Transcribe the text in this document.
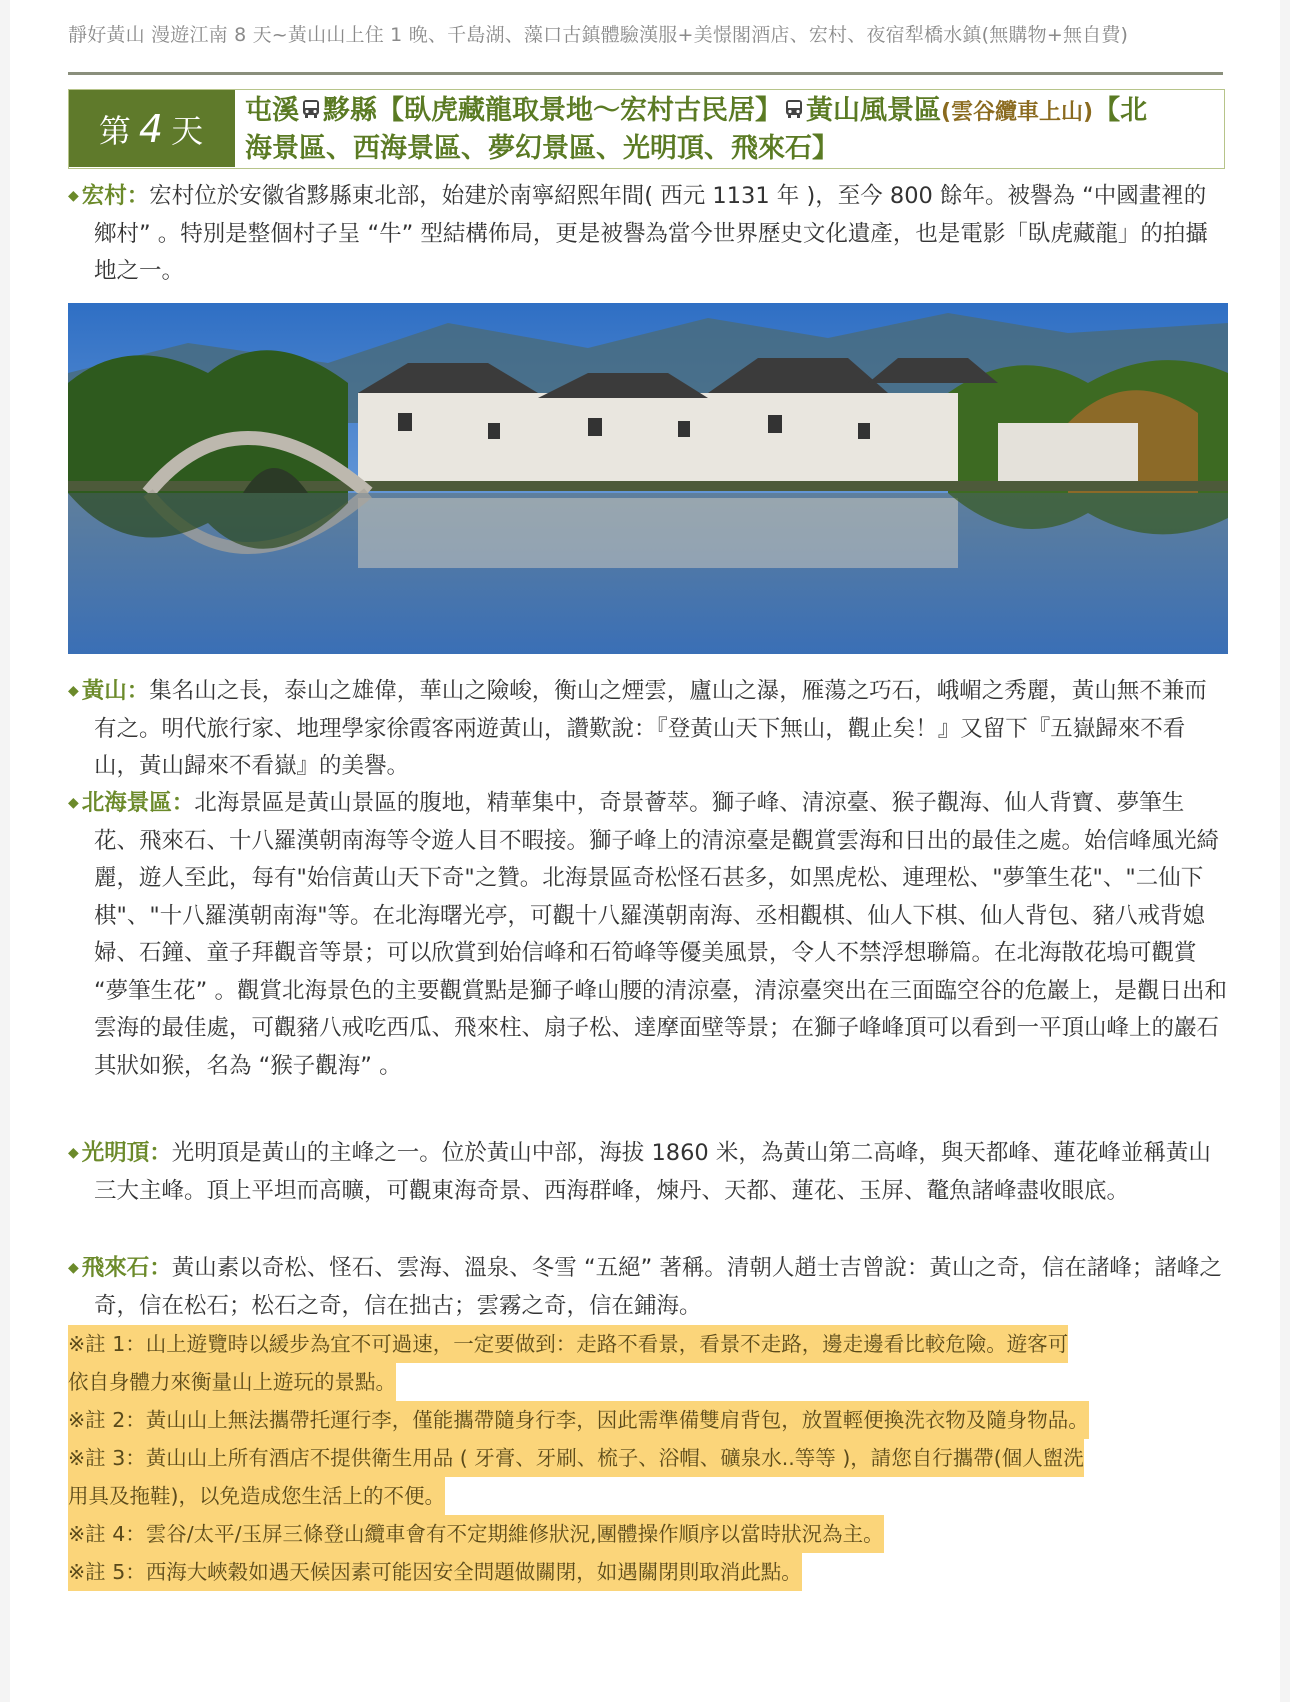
靜好黃山 漫遊江南 8 天~黃山山上住 1 晚、千島湖、藻口古鎮體驗漢服+美憬閣酒店、宏村、夜宿犁橋水鎮(無購物+無自費)
第 4 天
屯溪 黟縣【臥虎藏龍取景地～宏村古民居】 黃山風景區(雲谷纜車上山)【北
海景區、西海景區、夢幻景區、光明頂、飛來石】
◆ 宏村：宏村位於安徽省黟縣東北部，始建於南寧紹熙年間( 西元 1131 年 )，至今 800 餘年。被譽為 “中國畫裡的鄉村” 。特別是整個村子呈 “牛” 型結構佈局，更是被譽為當今世界歷史文化遺產，也是電影「臥虎藏龍」的拍攝地之一。
◆ 黃山：集名山之長，泰山之雄偉，華山之險峻，衡山之煙雲，廬山之瀑，雁蕩之巧石，峨嵋之秀麗，黃山無不兼而有之。明代旅行家、地理學家徐霞客兩遊黃山，讚歎說：『登黃山天下無山，觀止矣！』又留下『五嶽歸來不看山，黃山歸來不看嶽』的美譽。
◆ 北海景區：北海景區是黃山景區的腹地，精華集中，奇景薈萃。獅子峰、清涼臺、猴子觀海、仙人背寶、夢筆生花、飛來石、十八羅漢朝南海等令遊人目不暇接。獅子峰上的清涼臺是觀賞雲海和日出的最佳之處。始信峰風光綺麗，遊人至此，每有"始信黃山天下奇"之贊。北海景區奇松怪石甚多，如黑虎松、連理松、"夢筆生花"、"二仙下棋"、"十八羅漢朝南海"等。在北海曙光亭，可觀十八羅漢朝南海、丞相觀棋、仙人下棋、仙人背包、豬八戒背媳婦、石鐘、童子拜觀音等景；可以欣賞到始信峰和石筍峰等優美風景，令人不禁浮想聯篇。在北海散花塢可觀賞 “夢筆生花” 。觀賞北海景色的主要觀賞點是獅子峰山腰的清涼臺，清涼臺突出在三面臨空谷的危巖上，是觀日出和雲海的最佳處，可觀豬八戒吃西瓜、飛來柱、扇子松、達摩面壁等景；在獅子峰峰頂可以看到一平頂山峰上的巖石其狀如猴，名為 “猴子觀海” 。
◆ 光明頂：光明頂是黃山的主峰之一。位於黃山中部，海拔 1860 米，為黃山第二高峰，與天都峰、蓮花峰並稱黃山三大主峰。頂上平坦而高曠，可觀東海奇景、西海群峰，煉丹、天都、蓮花、玉屏、鼇魚諸峰盡收眼底。
◆ 飛來石：黃山素以奇松、怪石、雲海、溫泉、冬雪 “五絕” 著稱。清朝人趙士吉曾說：黃山之奇，信在諸峰；諸峰之奇，信在松石；松石之奇，信在拙古；雲霧之奇，信在鋪海。
※註 1：山上遊覽時以緩步為宜不可過速，一定要做到：走路不看景，看景不走路，邊走邊看比較危險。遊客可
依自身體力來衡量山上遊玩的景點。
※註 2：黃山山上無法攜帶托運行李，僅能攜帶隨身行李，因此需準備雙肩背包，放置輕便換洗衣物及隨身物品。
※註 3：黃山山上所有酒店不提供衛生用品 ( 牙膏、牙刷、梳子、浴帽、礦泉水..等等 )，請您自行攜帶(個人盥洗
用具及拖鞋)，以免造成您生活上的不便。
※註 4：雲谷/太平/玉屏三條登山纜車會有不定期維修狀況,團體操作順序以當時狀況為主。
※註 5：西海大峽穀如遇天候因素可能因安全問題做關閉，如遇關閉則取消此點。
